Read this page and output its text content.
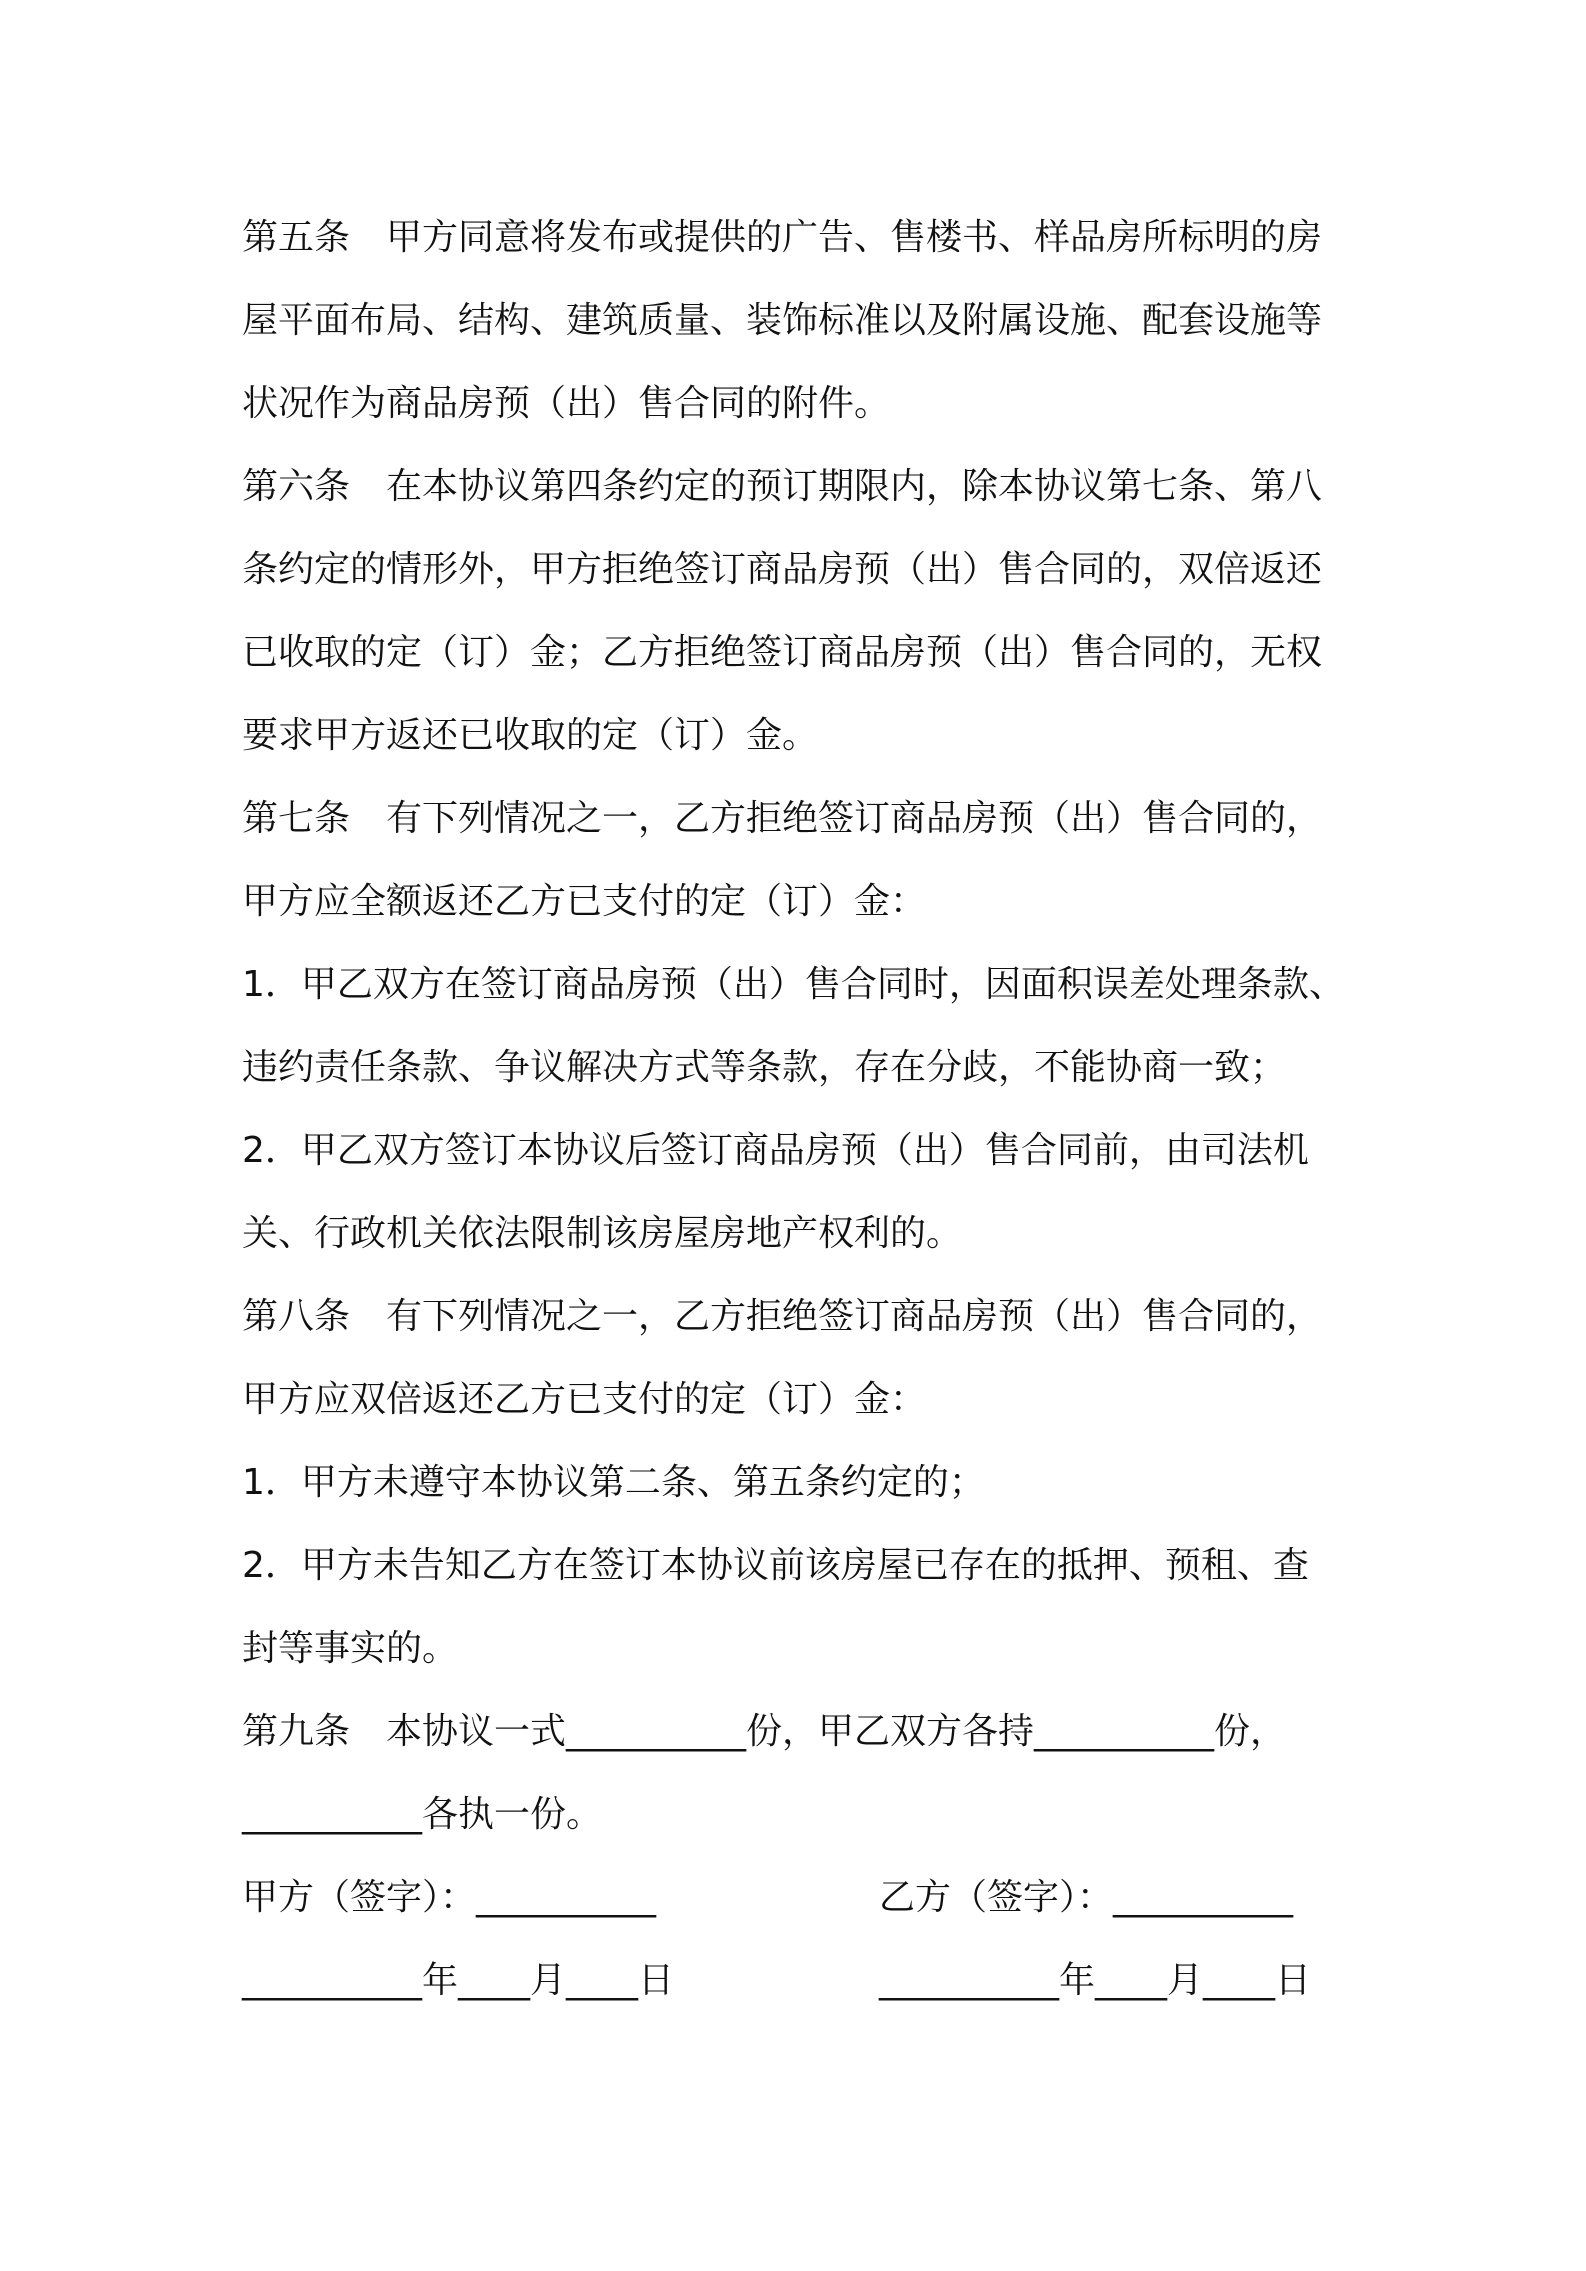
第五条　甲方同意将发布或提供的广告、售楼书、样品房所标明的房

屋平面布局、结构、建筑质量、装饰标准以及附属设施、配套设施等

状况作为商品房预（出）售合同的附件。

第六条　在本协议第四条约定的预订期限内，除本协议第七条、第八

条约定的情形外，甲方拒绝签订商品房预（出）售合同的，双倍返还

已收取的定（订）金；乙方拒绝签订商品房预（出）售合同的，无权

要求甲方返还已收取的定（订）金。

第七条　有下列情况之一，乙方拒绝签订商品房预（出）售合同的，

甲方应全额返还乙方已支付的定（订）金：

1．甲乙双方在签订商品房预（出）售合同时，因面积误差处理条款、

违约责任条款、争议解决方式等条款，存在分歧，不能协商一致；

2．甲乙双方签订本协议后签订商品房预（出）售合同前，由司法机

关、行政机关依法限制该房屋房地产权利的。

第八条　有下列情况之一，乙方拒绝签订商品房预（出）售合同的，

甲方应双倍返还乙方已支付的定（订）金：

1．甲方未遵守本协议第二条、第五条约定的；

2．甲方未告知乙方在签订本协议前该房屋已存在的抵押、预租、查

封等事实的。

第九条　本协议一式__________份，甲乙双方各持__________份，

__________各执一份。

甲方（签字）：__________

	乙方（签字）：__________

__________年____月____日

	__________年____月____日
